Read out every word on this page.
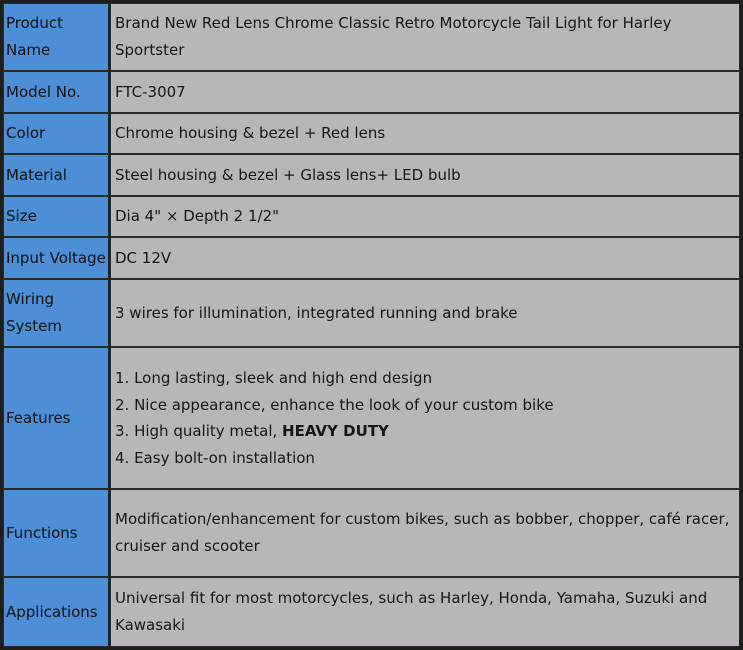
Product Name	Brand New Red Lens Chrome Classic Retro Motorcycle Tail Light for Harley Sportster
Model No.	FTC-3007
Color	Chrome housing & bezel + Red lens
Material	Steel housing & bezel + Glass lens+ LED bulb
Size	Dia 4" × Depth 2 1/2"
Input Voltage	DC 12V
Wiring System	3 wires for illumination, integrated running and brake
Features	1. Long lasting, sleek and high end design
2. Nice appearance, enhance the look of your custom bike
3. High quality metal, HEAVY DUTY
4. Easy bolt-on installation

Functions	Modification/enhancement for custom bikes, such as bobber, chopper, café racer, cruiser and scooter
Applications	Universal fit for most motorcycles, such as Harley, Honda, Yamaha, Suzuki and Kawasaki
